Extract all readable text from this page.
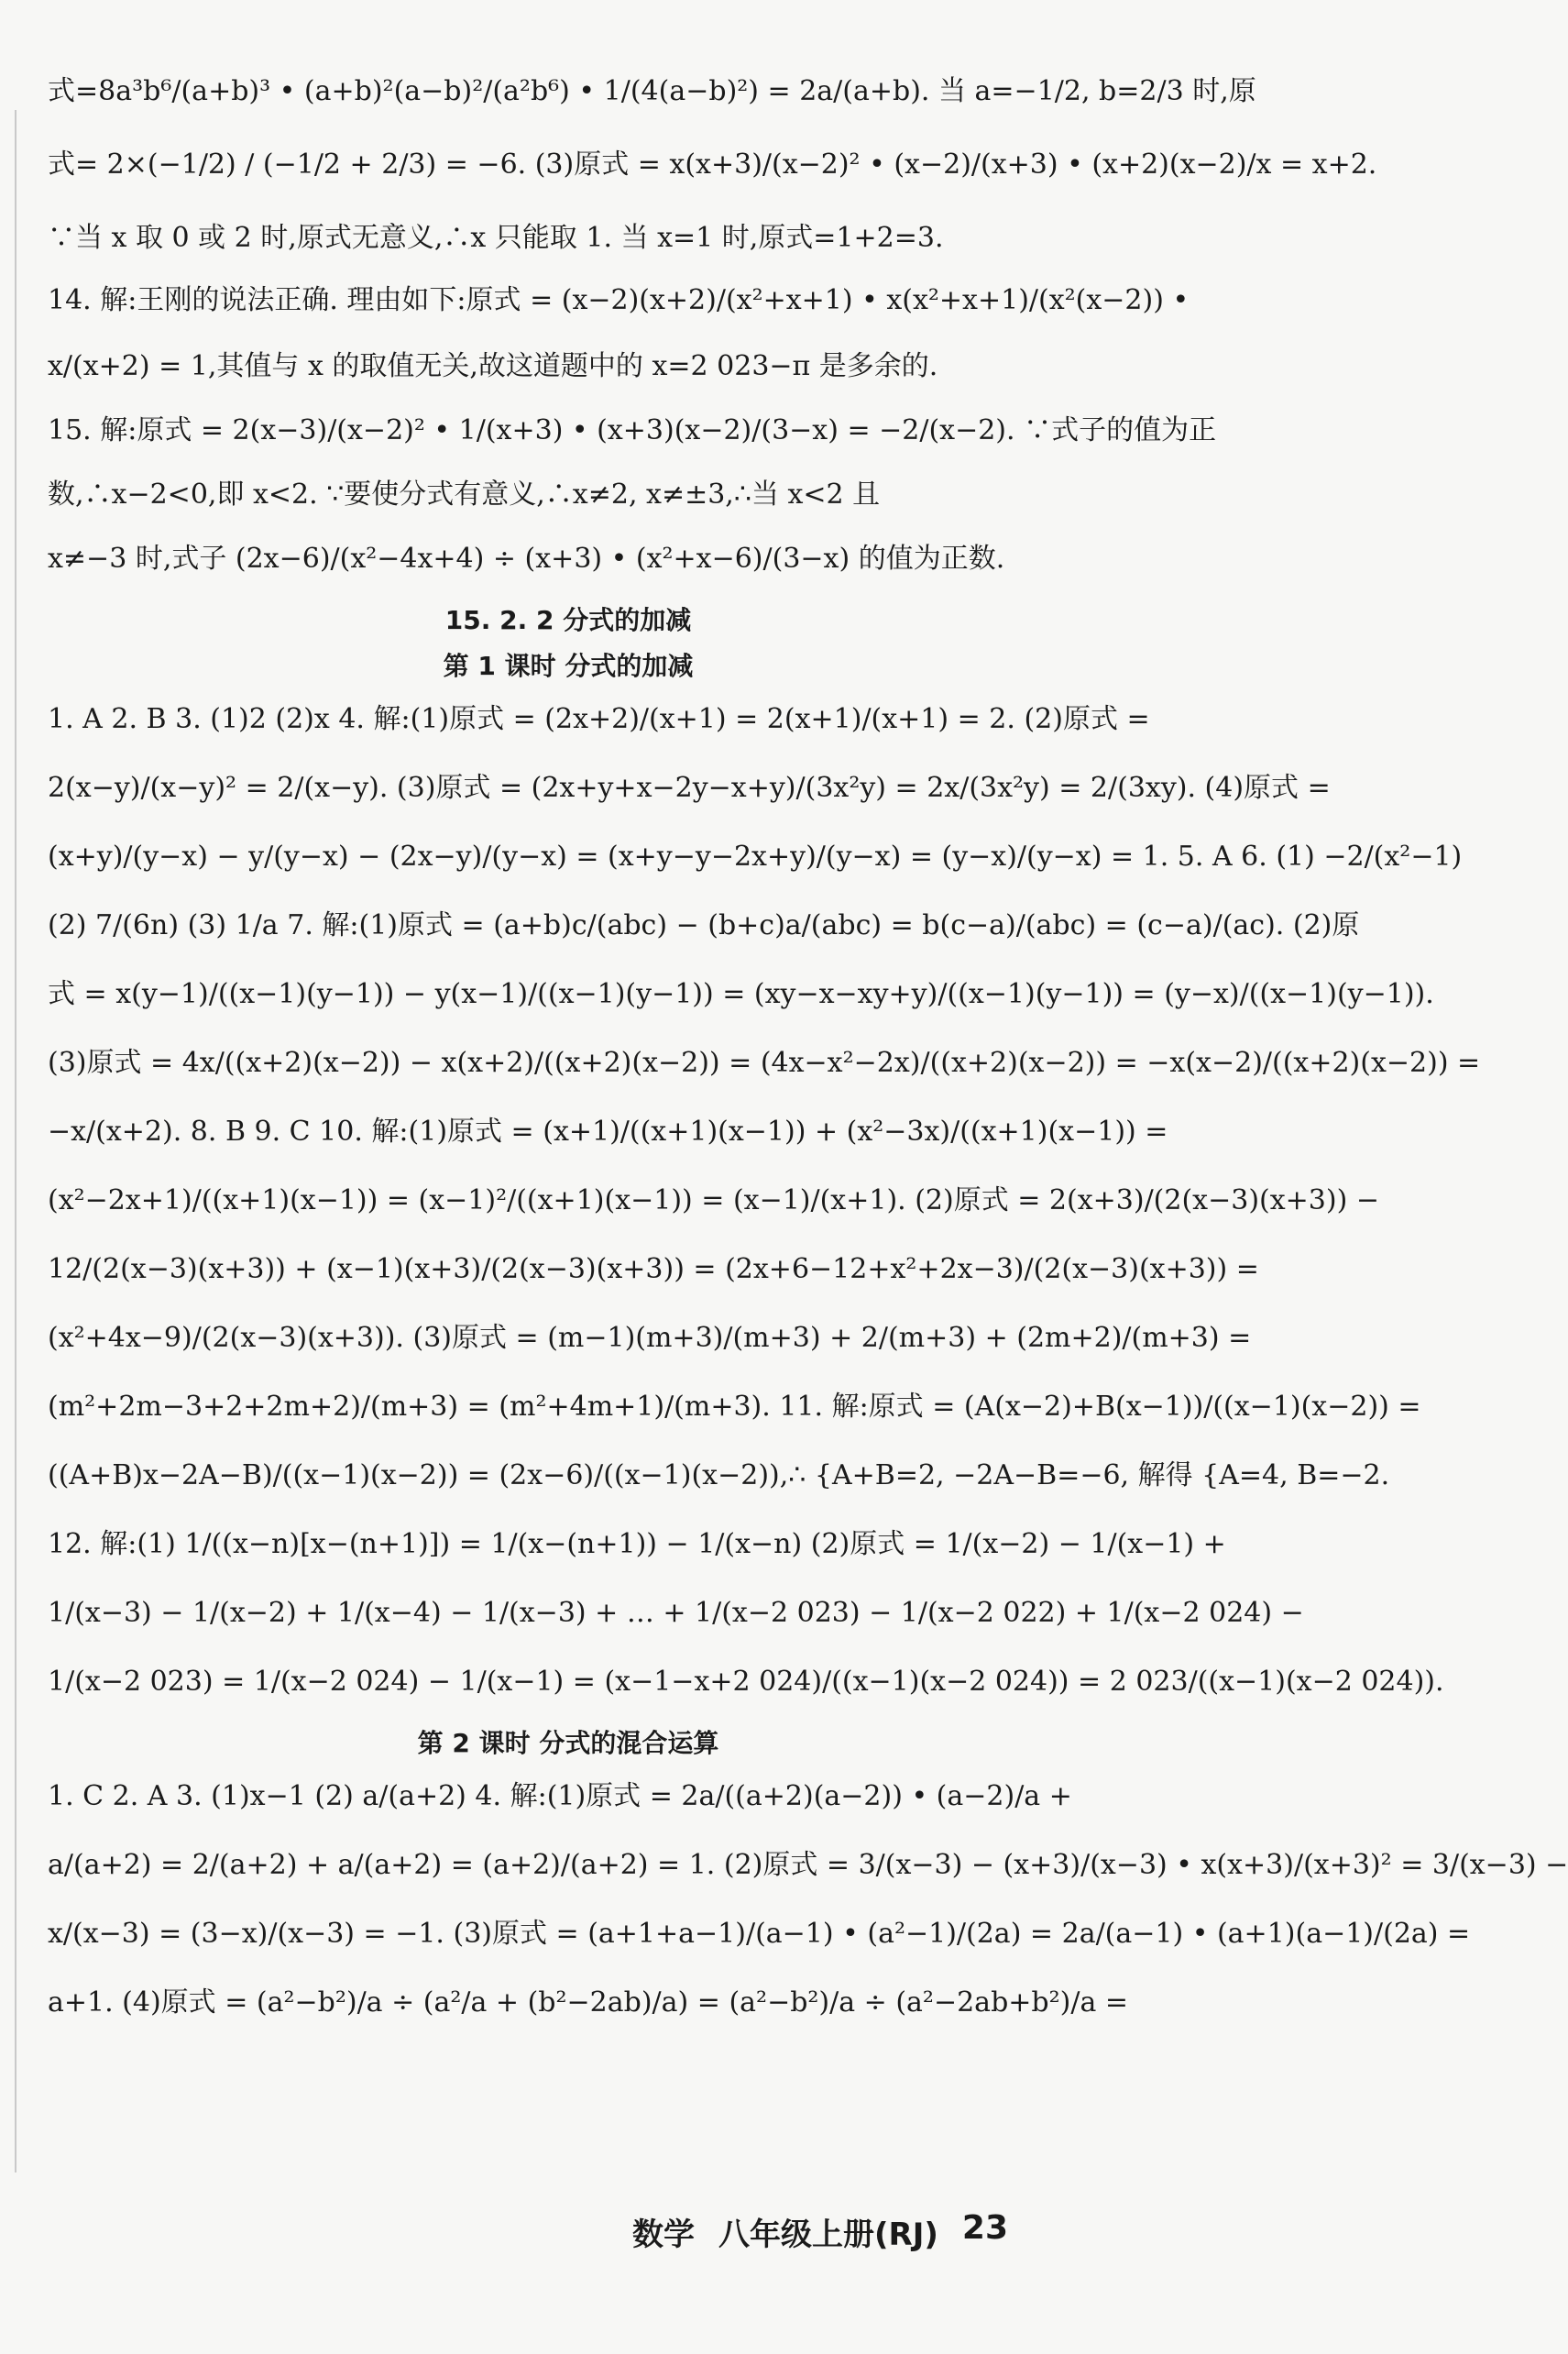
式=8a³b⁶/(a+b)³ • (a+b)²(a−b)²/(a²b⁶) • 1/(4(a−b)²) = 2a/(a+b). 当 a=−1/2, b=2/3 时,原
式= 2×(−1/2) / (−1/2 + 2/3) = −6. (3)原式 = x(x+3)/(x−2)² • (x−2)/(x+3) • (x+2)(x−2)/x = x+2.
∵当 x 取 0 或 2 时,原式无意义,∴x 只能取 1. 当 x=1 时,原式=1+2=3.
14. 解:王刚的说法正确. 理由如下:原式 = (x−2)(x+2)/(x²+x+1) • x(x²+x+1)/(x²(x−2)) •
x/(x+2) = 1,其值与 x 的取值无关,故这道题中的 x=2 023−π 是多余的.
15. 解:原式 = 2(x−3)/(x−2)² • 1/(x+3) • (x+3)(x−2)/(3−x) = −2/(x−2). ∵式子的值为正
数,∴x−2<0,即 x<2. ∵要使分式有意义,∴x≠2, x≠±3,∴当 x<2 且
x≠−3 时,式子 (2x−6)/(x²−4x+4) ÷ (x+3) • (x²+x−6)/(3−x) 的值为正数.
15. 2. 2 分式的加减
第 1 课时 分式的加减
1. A 2. B 3. (1)2 (2)x 4. 解:(1)原式 = (2x+2)/(x+1) = 2(x+1)/(x+1) = 2. (2)原式 =
2(x−y)/(x−y)² = 2/(x−y). (3)原式 = (2x+y+x−2y−x+y)/(3x²y) = 2x/(3x²y) = 2/(3xy). (4)原式 =
(x+y)/(y−x) − y/(y−x) − (2x−y)/(y−x) = (x+y−y−2x+y)/(y−x) = (y−x)/(y−x) = 1. 5. A 6. (1) −2/(x²−1)
(2) 7/(6n) (3) 1/a 7. 解:(1)原式 = (a+b)c/(abc) − (b+c)a/(abc) = b(c−a)/(abc) = (c−a)/(ac). (2)原
式 = x(y−1)/((x−1)(y−1)) − y(x−1)/((x−1)(y−1)) = (xy−x−xy+y)/((x−1)(y−1)) = (y−x)/((x−1)(y−1)).
(3)原式 = 4x/((x+2)(x−2)) − x(x+2)/((x+2)(x−2)) = (4x−x²−2x)/((x+2)(x−2)) = −x(x−2)/((x+2)(x−2)) =
−x/(x+2). 8. B 9. C 10. 解:(1)原式 = (x+1)/((x+1)(x−1)) + (x²−3x)/((x+1)(x−1)) =
(x²−2x+1)/((x+1)(x−1)) = (x−1)²/((x+1)(x−1)) = (x−1)/(x+1). (2)原式 = 2(x+3)/(2(x−3)(x+3)) −
12/(2(x−3)(x+3)) + (x−1)(x+3)/(2(x−3)(x+3)) = (2x+6−12+x²+2x−3)/(2(x−3)(x+3)) =
(x²+4x−9)/(2(x−3)(x+3)). (3)原式 = (m−1)(m+3)/(m+3) + 2/(m+3) + (2m+2)/(m+3) =
(m²+2m−3+2+2m+2)/(m+3) = (m²+4m+1)/(m+3). 11. 解:原式 = (A(x−2)+B(x−1))/((x−1)(x−2)) =
((A+B)x−2A−B)/((x−1)(x−2)) = (2x−6)/((x−1)(x−2)),∴ {A+B=2, −2A−B=−6, 解得 {A=4, B=−2.
12. 解:(1) 1/((x−n)[x−(n+1)]) = 1/(x−(n+1)) − 1/(x−n) (2)原式 = 1/(x−2) − 1/(x−1) +
1/(x−3) − 1/(x−2) + 1/(x−4) − 1/(x−3) + … + 1/(x−2 023) − 1/(x−2 022) + 1/(x−2 024) −
1/(x−2 023) = 1/(x−2 024) − 1/(x−1) = (x−1−x+2 024)/((x−1)(x−2 024)) = 2 023/((x−1)(x−2 024)).
第 2 课时 分式的混合运算
1. C 2. A 3. (1)x−1 (2) a/(a+2) 4. 解:(1)原式 = 2a/((a+2)(a−2)) • (a−2)/a +
a/(a+2) = 2/(a+2) + a/(a+2) = (a+2)/(a+2) = 1. (2)原式 = 3/(x−3) − (x+3)/(x−3) • x(x+3)/(x+3)² = 3/(x−3) −
x/(x−3) = (3−x)/(x−3) = −1. (3)原式 = (a+1+a−1)/(a−1) • (a²−1)/(2a) = 2a/(a−1) • (a+1)(a−1)/(2a) =
a+1. (4)原式 = (a²−b²)/a ÷ (a²/a + (b²−2ab)/a) = (a²−b²)/a ÷ (a²−2ab+b²)/a =
数学 八年级上册(RJ) 23
